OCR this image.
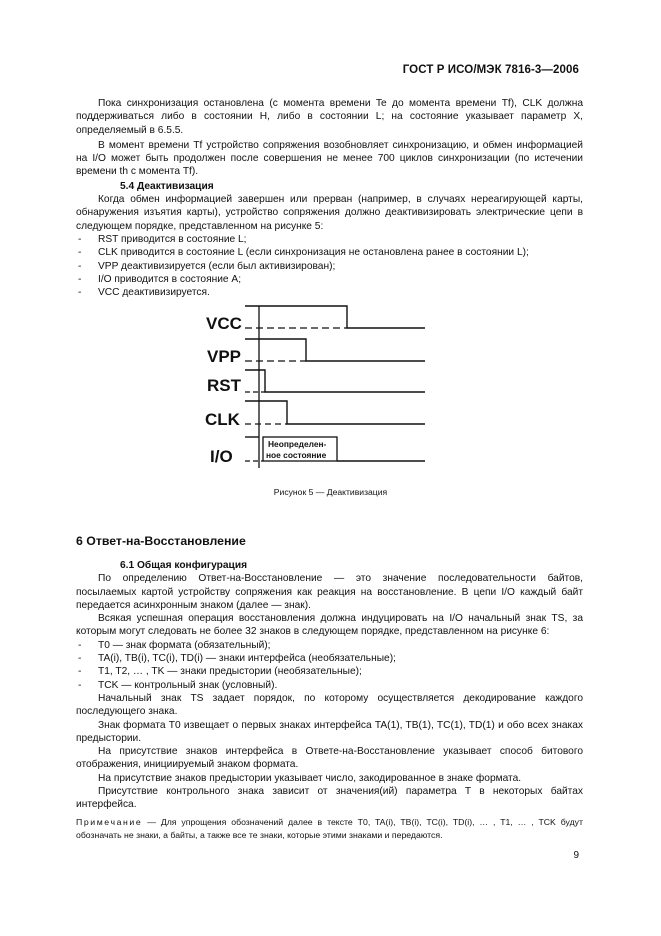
ГОСТ Р ИСО/МЭК 7816-3—2006

Пока синхронизация остановлена (с момента времени Te до момента времени Tf), CLK должна поддерживаться либо в состоянии Н, либо в состоянии L; на состояние указывает параметр X, определяемый в 6.5.5.

В момент времени Tf устройство сопряжения возобновляет синхронизацию, и обмен информацией на I/O может быть продолжен после совершения не менее 700 циклов синхронизации (по истечении времени th с момента Tf).

5.4 Деактивизация

Когда обмен информацией завершен или прерван (например, в случаях нереагирующей карты, обнаружения изъятия карты), устройство сопряжения должно деактивизировать электрические цепи в следующем порядке, представленном на рисунке 5:

- RST приводится в состояние L;
- CLK приводится в состояние L (если синхронизация не остановлена ранее в состоянии L);
- VPP деактивизируется (если был активизирован);
- I/O приводится в состояние А;
- VCC деактивизируется.
VCC
VPP
RST
CLK
I/O
Неопределен-
ное состояние
Рисунок 5 — Деактивизация
6 Ответ-на-Восстановление

6.1 Общая конфигурация

По определению Ответ-на-Восстановление — это значение последовательности байтов, посылаемых картой устройству сопряжения как реакция на восстановление. В цепи I/O каждый байт передается асинхронным знаком (далее — знак).

Всякая успешная операция восстановления должна индуцировать на I/O начальный знак TS, за которым могут следовать не более 32 знаков в следующем порядке, представленном на рисунке 6:

- T0 — знак формата (обязательный);
- TA(i), TB(i), TC(i), TD(i) — знаки интерфейса (необязательные);
- T1, T2, … , TK — знаки предыстории (необязательные);
- TCK — контрольный знак (условный).

Начальный знак TS задает порядок, по которому осуществляется декодирование каждого последующего знака.

Знак формата T0 извещает о первых знаках интерфейса TA(1), TB(1), TC(1), TD(1) и обо всех знаках предыстории.

На присутствие знаков интерфейса в Ответе-на-Восстановление указывает способ битового отображения, инициируемый знаком формата.

На присутствие знаков предыстории указывает число, закодированное в знаке формата.

Присутствие контрольного знака зависит от значения(ий) параметра T в некоторых байтах интерфейса.

Примечание — Для упрощения обозначений далее в тексте T0, TA(i), TB(i), TC(i), TD(i), … , T1, … , TCK будут обозначать не знаки, а байты, а также все те знаки, которые этими знаками и передаются.
9
